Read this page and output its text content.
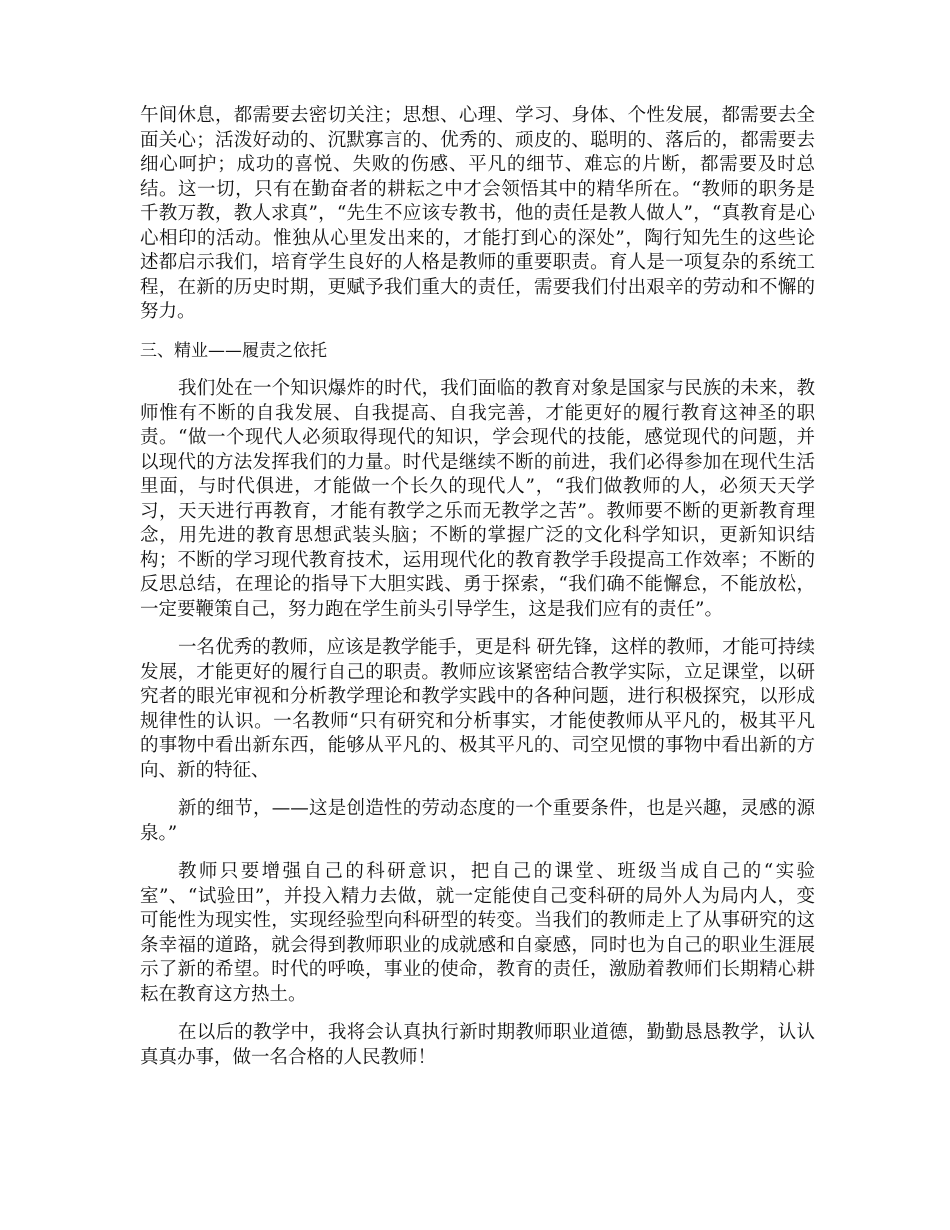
午间休息，都需要去密切关注；思想、心理、学习、身体、个性发展，都需要去全面关心；活泼好动的、沉默寡言的、优秀的、顽皮的、聪明的、落后的，都需要去细心呵护；成功的喜悦、失败的伤感、平凡的细节、难忘的片断，都需要及时总结。这一切，只有在勤奋者的耕耘之中才会领悟其中的精华所在。“教师的职务是千教万教，教人求真”，“先生不应该专教书，他的责任是教人做人”，“真教育是心心相印的活动。惟独从心里发出来的，才能打到心的深处”，陶行知先生的这些论述都启示我们，培育学生良好的人格是教师的重要职责。育人是一项复杂的系统工程，在新的历史时期，更赋予我们重大的责任，需要我们付出艰辛的劳动和不懈的努力。

三、精业——履责之依托

我们处在一个知识爆炸的时代，我们面临的教育对象是国家与民族的未来，教师惟有不断的自我发展、自我提高、自我完善，才能更好的履行教育这神圣的职责。“做一个现代人必须取得现代的知识，学会现代的技能，感觉现代的问题，并以现代的方法发挥我们的力量。时代是继续不断的前进，我们必得参加在现代生活里面，与时代俱进，才能做一个长久的现代人”，“我们做教师的人，必须天天学习，天天进行再教育，才能有教学之乐而无教学之苦”。教师要不断的更新教育理念，用先进的教育思想武装头脑；不断的掌握广泛的文化科学知识，更新知识结构；不断的学习现代教育技术，运用现代化的教育教学手段提高工作效率；不断的反思总结，在理论的指导下大胆实践、勇于探索，“我们确不能懈怠，不能放松，一定要鞭策自己，努力跑在学生前头引导学生，这是我们应有的责任”。

一名优秀的教师，应该是教学能手，更是科 研先锋，这样的教师，才能可持续发展，才能更好的履行自己的职责。教师应该紧密结合教学实际，立足课堂，以研究者的眼光审视和分析教学理论和教学实践中的各种问题，进行积极探究，以形成规律性的认识。一名教师“只有研究和分析事实，才能使教师从平凡的，极其平凡的事物中看出新东西，能够从平凡的、极其平凡的、司空见惯的事物中看出新的方向、新的特征、

新的细节，——这是创造性的劳动态度的一个重要条件，也是兴趣，灵感的源泉。”

教师只要增强自己的科研意识，把自己的课堂、班级当成自己的“实验室”、“试验田”，并投入精力去做，就一定能使自己变科研的局外人为局内人，变可能性为现实性，实现经验型向科研型的转变。当我们的教师走上了从事研究的这条幸福的道路，就会得到教师职业的成就感和自豪感，同时也为自己的职业生涯展示了新的希望。时代的呼唤，事业的使命，教育的责任，激励着教师们长期精心耕耘在教育这方热土。

在以后的教学中，我将会认真执行新时期教师职业道德，勤勤恳恳教学，认认真真办事，做一名合格的人民教师！
